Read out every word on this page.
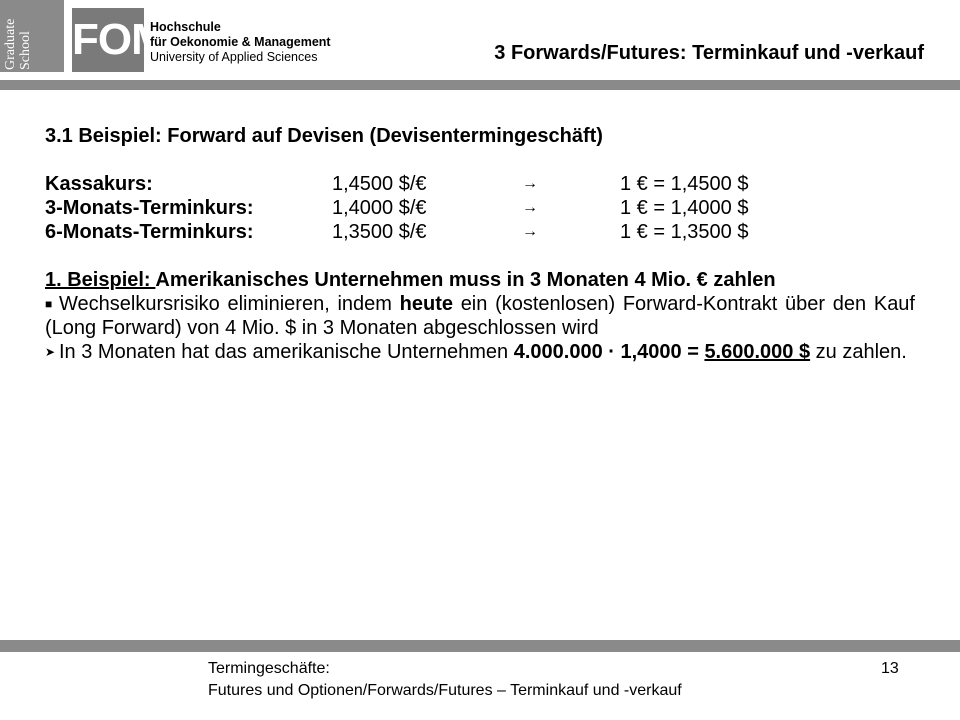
Graduate School FOM
Hochschule
für Oekonomie & Management
University of Applied Sciences	3 Forwards/Futures: Terminkauf und -verkauf
3.1 Beispiel: Forward auf Devisen (Devisentermingeschäft)
Kassakurs:	1,4500 $/€	→	1 € = 1,4500 $
3-Monats-Terminkurs:	1,4000 $/€	→	1 € = 1,4000 $
6-Monats-Terminkurs:	1,3500 $/€	→	1 € = 1,3500 $
1. Beispiel: Amerikanisches Unternehmen muss in 3 Monaten 4 Mio. € zahlen

■ Wechselkursrisiko eliminieren, indem heute ein (kostenlosen) Forward-Kontrakt über den Kauf (Long Forward) von 4 Mio. $ in 3 Monaten abgeschlossen wird

➤ In 3 Monaten hat das amerikanische Unternehmen 4.000.000 · 1,4000 = 5.600.000 $ zu zahlen.

Termingeschäfte:
Futures und Optionen/Forwards/Futures – Terminkauf und -verkauf
13
